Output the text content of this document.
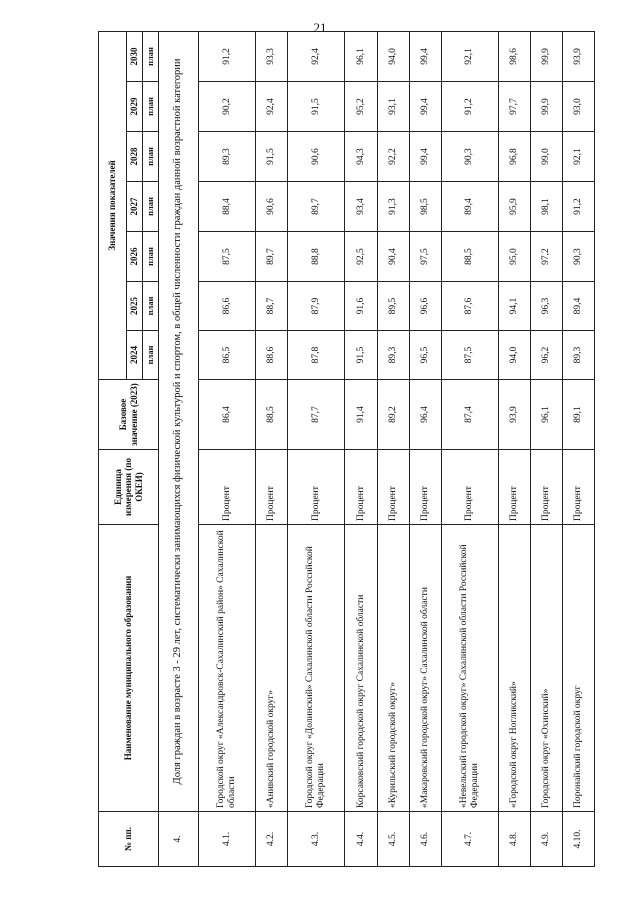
21
№ пп.	Наименование муниципального образования	Единица измерения (по ОКЕИ)	Базовое значение (2023)	Значения показателей						
				2024	2025	2026	2027	2028	2029	2030
				план	план	план	план	план	план	план
4.	Доля граждан в возрасте 3 - 29 лет, систематически занимающихся физической культурой и спортом, в общей численности граждан данной возрастной категории									
4.1.	Городской округ «Александровск-Сахалинский район» Сахалинской области	Процент	86,4	86,5	86,6	87,5	88,4	89,3	90,2	91,2
4.2.	«Анивский городской округ»	Процент	88,5	88,6	88,7	89,7	90,6	91,5	92,4	93,3
4.3.	Городской округ «Долинский» Сахалинской области Российской Федерации	Процент	87,7	87,8	87,9	88,8	89,7	90,6	91,5	92,4
4.4.	Корсаковский городской округ Сахалинской области	Процент	91,4	91,5	91,6	92,5	93,4	94,3	95,2	96,1
4.5.	«Курильский городской округ»	Процент	89,2	89,3	89,5	90,4	91,3	92,2	93,1	94,0
4.6.	«Макаровский городской округ» Сахалинской области	Процент	96,4	96,5	96,6	97,5	98,5	99,4	99,4	99,4
4.7.	«Невельский городской округ» Сахалинской области Российской Федерации	Процент	87,4	87,5	87,6	88,5	89,4	90,3	91,2	92,1
4.8.	«Городской округ Ногликский»	Процент	93,9	94,0	94,1	95,0	95,9	96,8	97,7	98,6
4.9.	Городской округ «Охинский»	Процент	96,1	96,2	96,3	97,2	98,1	99,0	99,9	99,9
4.10.	Поронайский городской округ	Процент	89,1	89,3	89,4	90,3	91,2	92,1	93,0	93,9
